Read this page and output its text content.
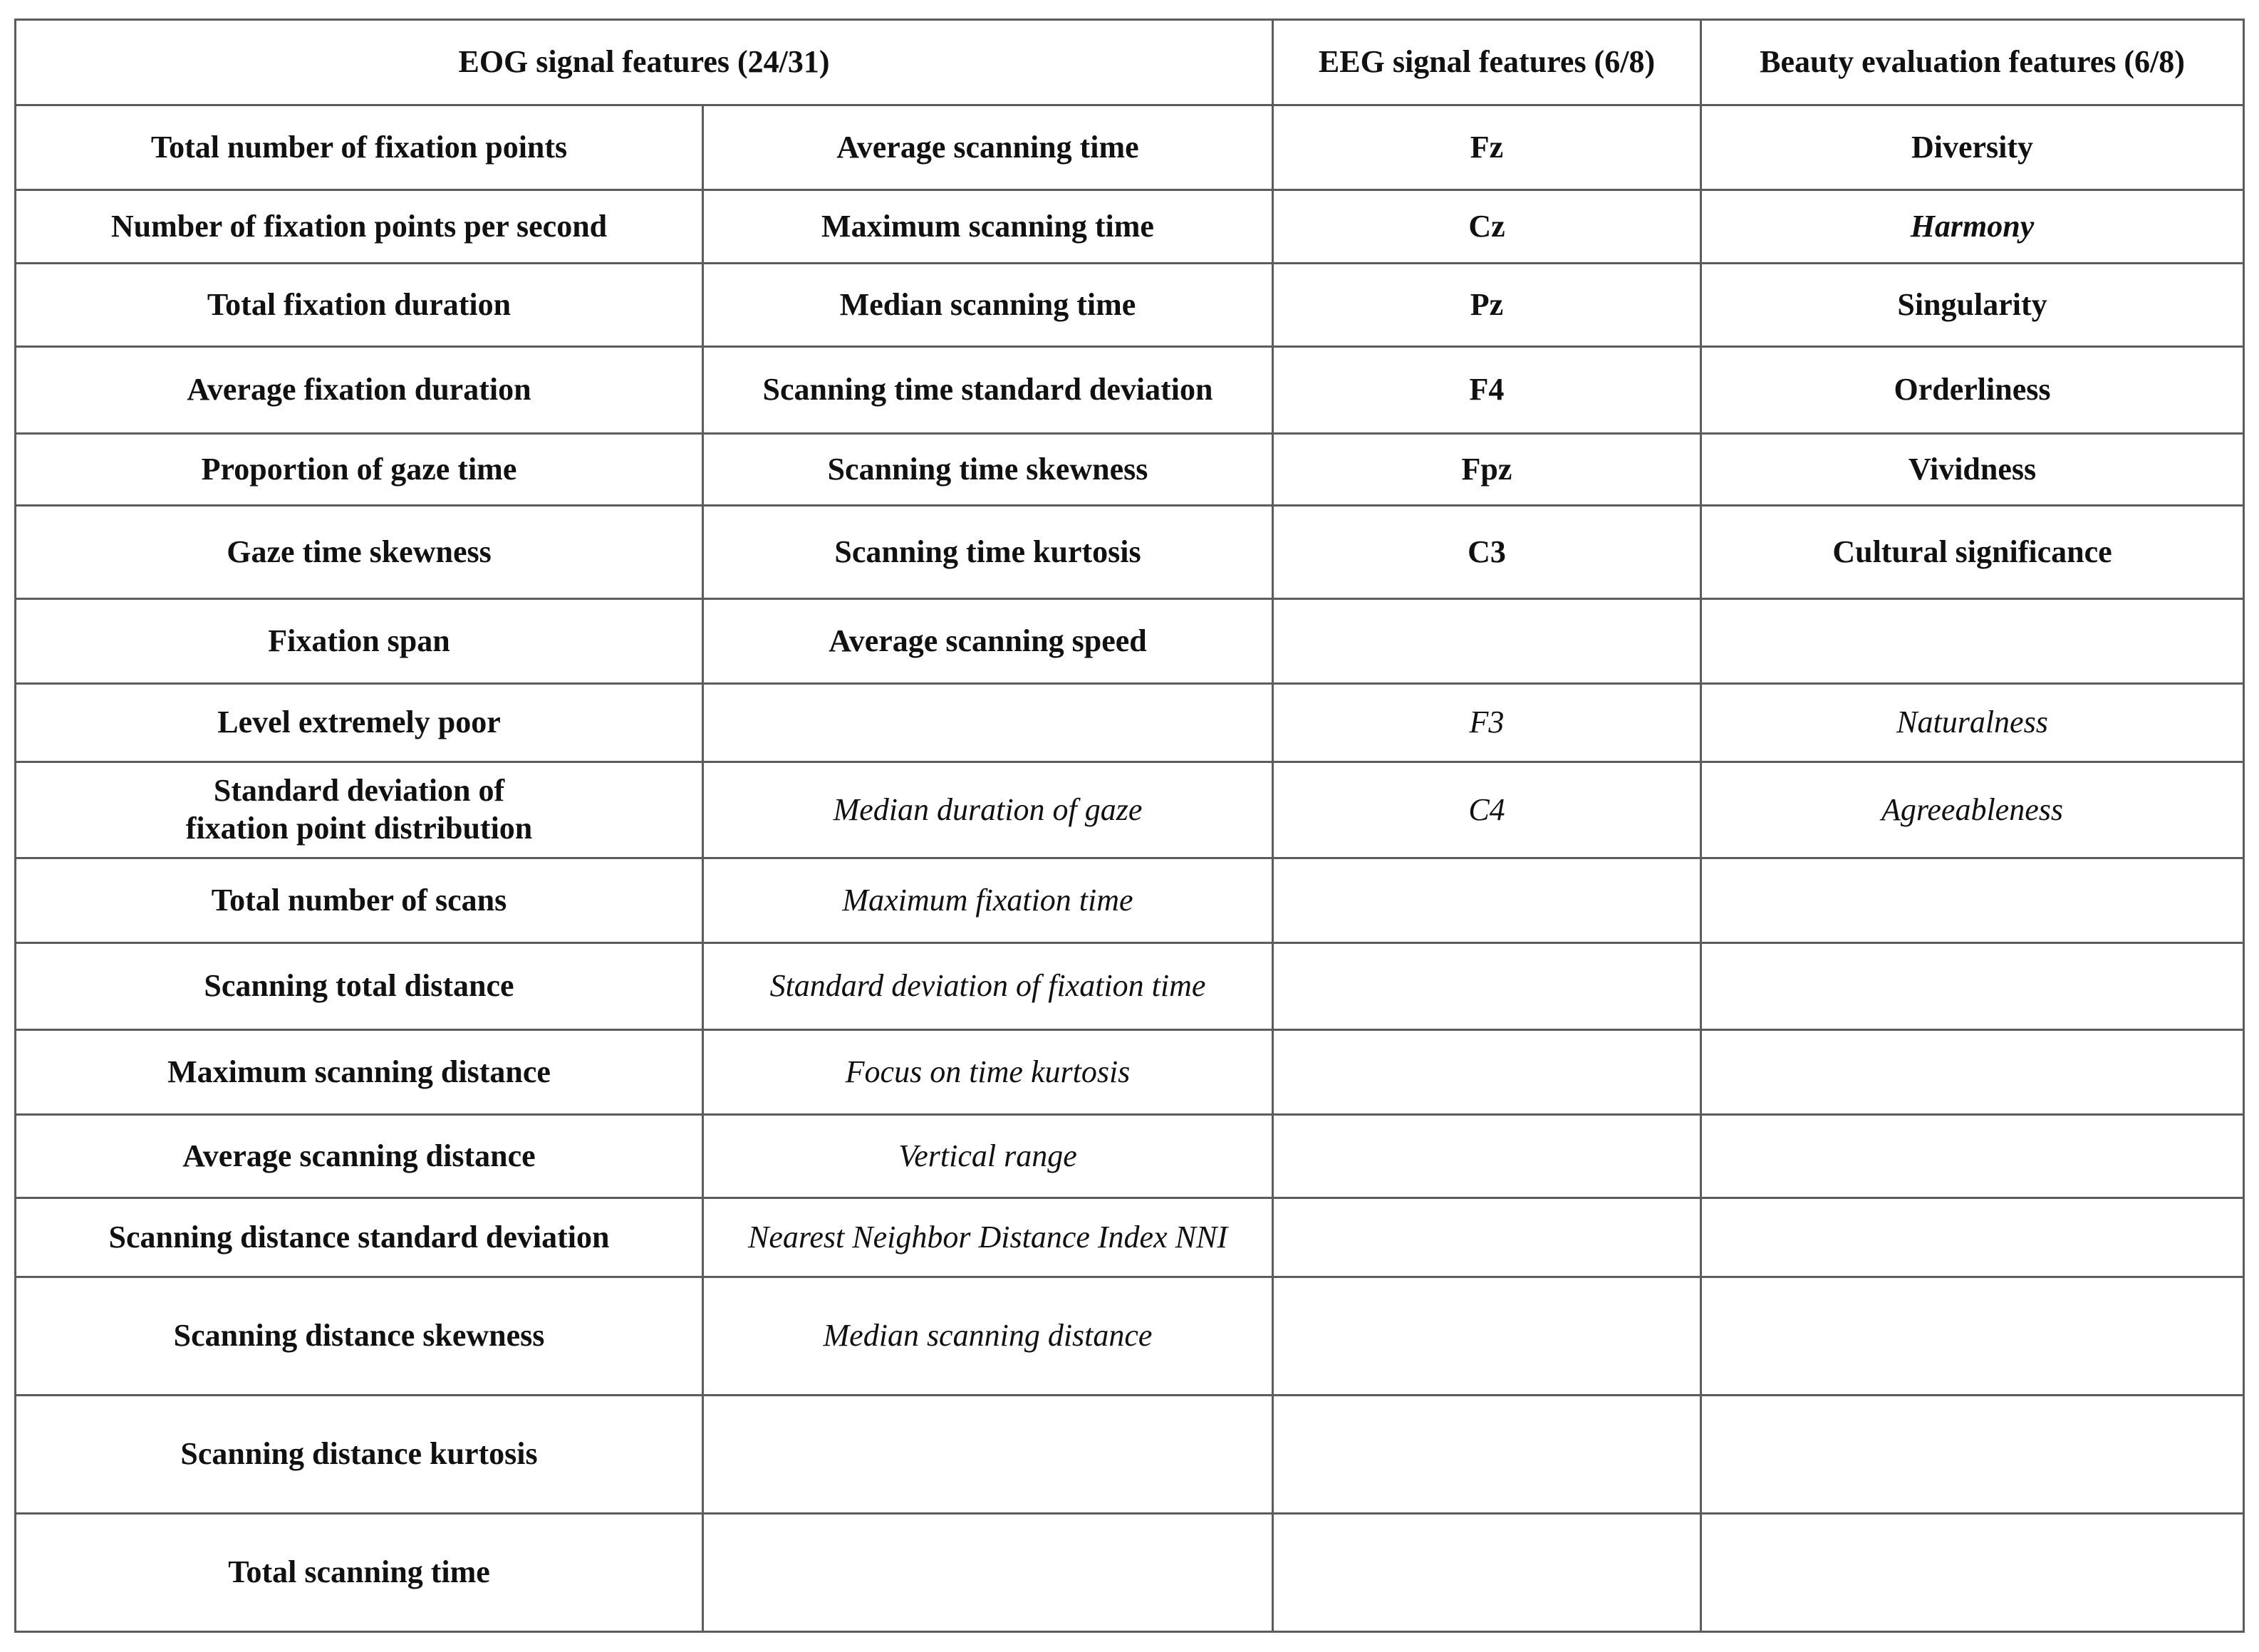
EOG signal features (24/31)		EEG signal features (6/8)	Beauty evaluation features (6/8)
Total number of fixation points	Average scanning time	Fz	Diversity
Number of fixation points per second	Maximum scanning time	Cz	Harmony
Total fixation duration	Median scanning time	Pz	Singularity
Average fixation duration	Scanning time standard deviation	F4	Orderliness
Proportion of gaze time	Scanning time skewness	Fpz	Vividness
Gaze time skewness	Scanning time kurtosis	C3	Cultural significance
Fixation span	Average scanning speed		
Level extremely poor		F3	Naturalness
Standard deviation of
fixation point distribution	Median duration of gaze	C4	Agreeableness
Total number of scans	Maximum fixation time		
Scanning total distance	Standard deviation of fixation time		
Maximum scanning distance	Focus on time kurtosis		
Average scanning distance	Vertical range		
Scanning distance standard deviation	Nearest Neighbor Distance Index NNI		
Scanning distance skewness	Median scanning distance		
Scanning distance kurtosis			
Total scanning time			
